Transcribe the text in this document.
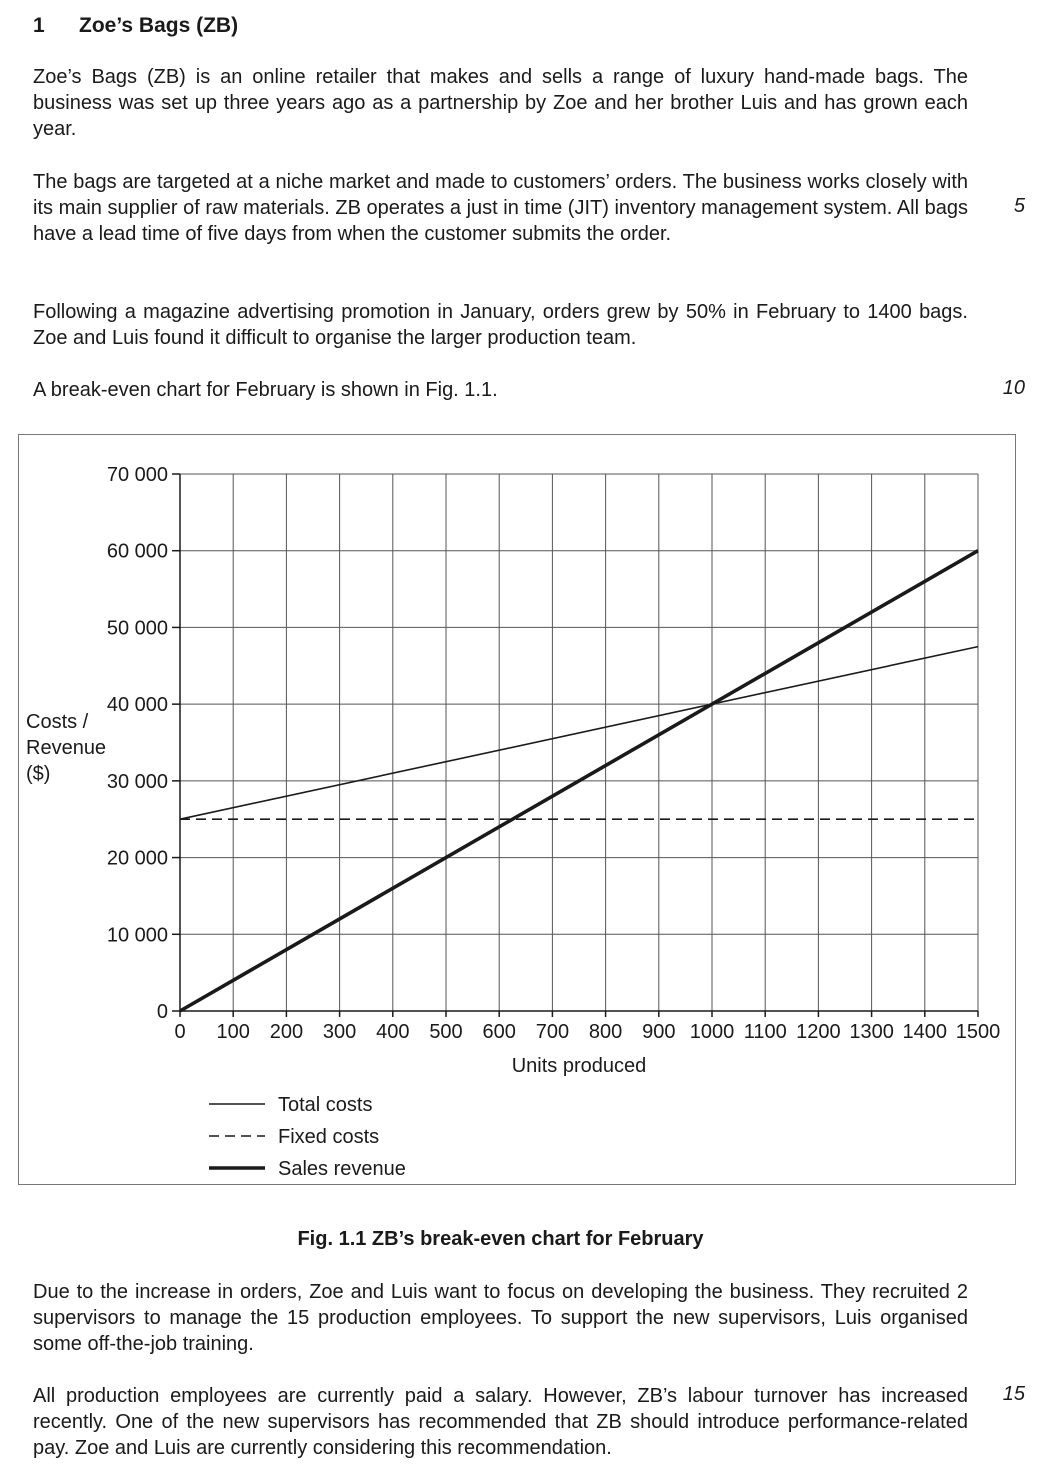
1 Zoe’s Bags (ZB)

Zoe’s Bags (ZB) is an online retailer that makes and sells a range of luxury hand-made bags. The business was set up three years ago as a partnership by Zoe and her brother Luis and has grown each year.

The bags are targeted at a niche market and made to customers’ orders. The business works closely with its main supplier of raw materials. ZB operates a just in time (JIT) inventory management system. All bags have a lead time of five days from when the customer submits the order.

Following a magazine advertising promotion in January, orders grew by 50% in February to 1400 bags. Zoe and Luis found it difficult to organise the larger production team.

A break-even chart for February is shown in Fig. 1.1.

5
10
0
10 000
20 000
30 000
40 000
50 000
60 000
70 000
0 100 200 300 400 500 600 700 800 900 1000 1100 1200 1300 1400 1500
Units produced
Costs / Revenue ($)
Total costs
Fixed costs
Sales revenue
Fig. 1.1 ZB’s break-even chart for February

Due to the increase in orders, Zoe and Luis want to focus on developing the business. They recruited 2 supervisors to manage the 15 production employees. To support the new supervisors, Luis organised some off-the-job training.

All production employees are currently paid a salary. However, ZB’s labour turnover has increased recently. One of the new supervisors has recommended that ZB should introduce performance-related pay. Zoe and Luis are currently considering this recommendation.

15
